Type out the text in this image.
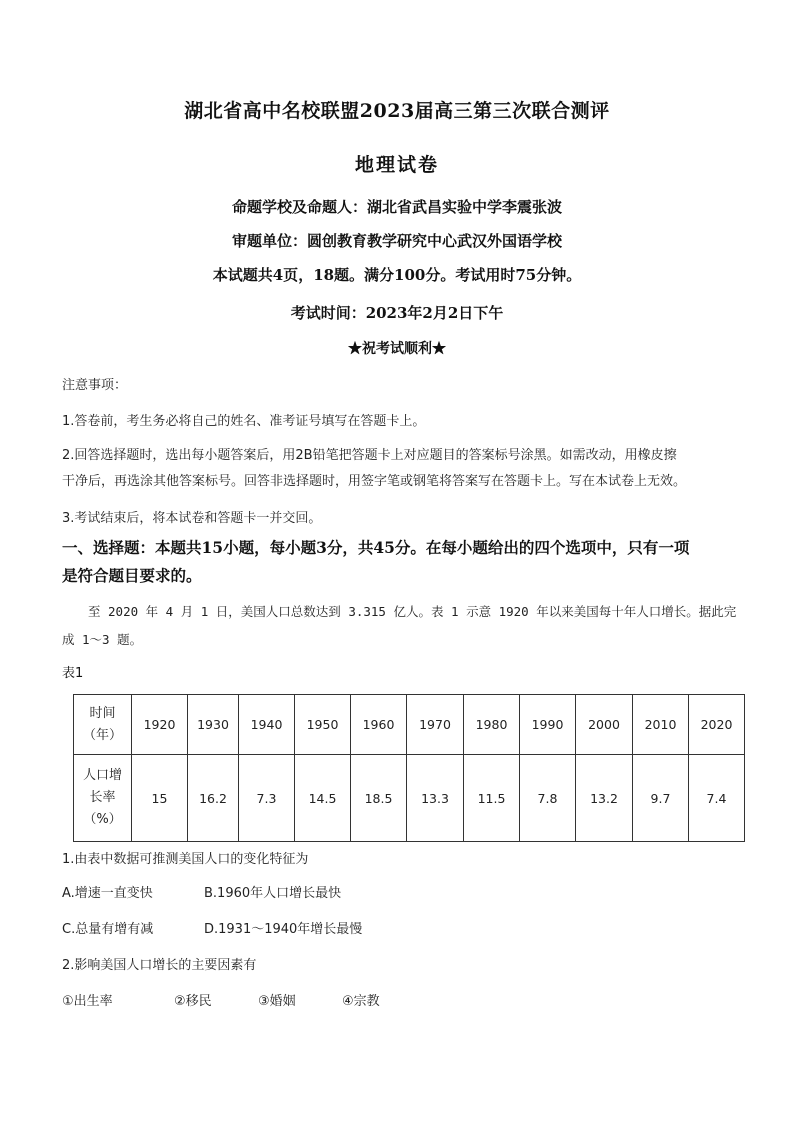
湖北省高中名校联盟2023届高三第三次联合测评
地理试卷
命题学校及命题人：湖北省武昌实验中学李震张波
审题单位：圆创教育教学研究中心武汉外国语学校
本试题共4页，18题。满分100分。考试用时75分钟。
考试时间：2023年2月2日下午
★祝考试顺利★
注意事项：
1.答卷前，考生务必将自己的姓名、准考证号填写在答题卡上。
2.回答选择题时，选出每小题答案后，用2B铅笔把答题卡上对应题目的答案标号涂黑。如需改动，用橡皮擦
干净后，再选涂其他答案标号。回答非选择题时，用签字笔或钢笔将答案写在答题卡上。写在本试卷上无效。
3.考试结束后，将本试卷和答题卡一并交回。
一、选择题：本题共15小题，每小题3分，共45分。在每小题给出的四个选项中，只有一项
是符合题目要求的。
至 2020 年 4 月 1 日，美国人口总数达到 3.315 亿人。表 1 示意 1920 年以来美国每十年人口增长。据此完
成 1～3 题。
表1
时间
（年）	1920	1930	1940	1950	1960	1970	1980	1990	2000	2010	2020

人口增
长率
（%）	15	16.2	7.3	14.5	18.5	13.3	11.5	7.8	13.2	9.7	7.4
1.由表中数据可推测美国人口的变化特征为
A.增速一直变快	B.1960年人口增长最快
C.总量有增有减	D.1931～1940年增长最慢
2.影响美国人口增长的主要因素有
①出生率	②移民	③婚姻	④宗教
